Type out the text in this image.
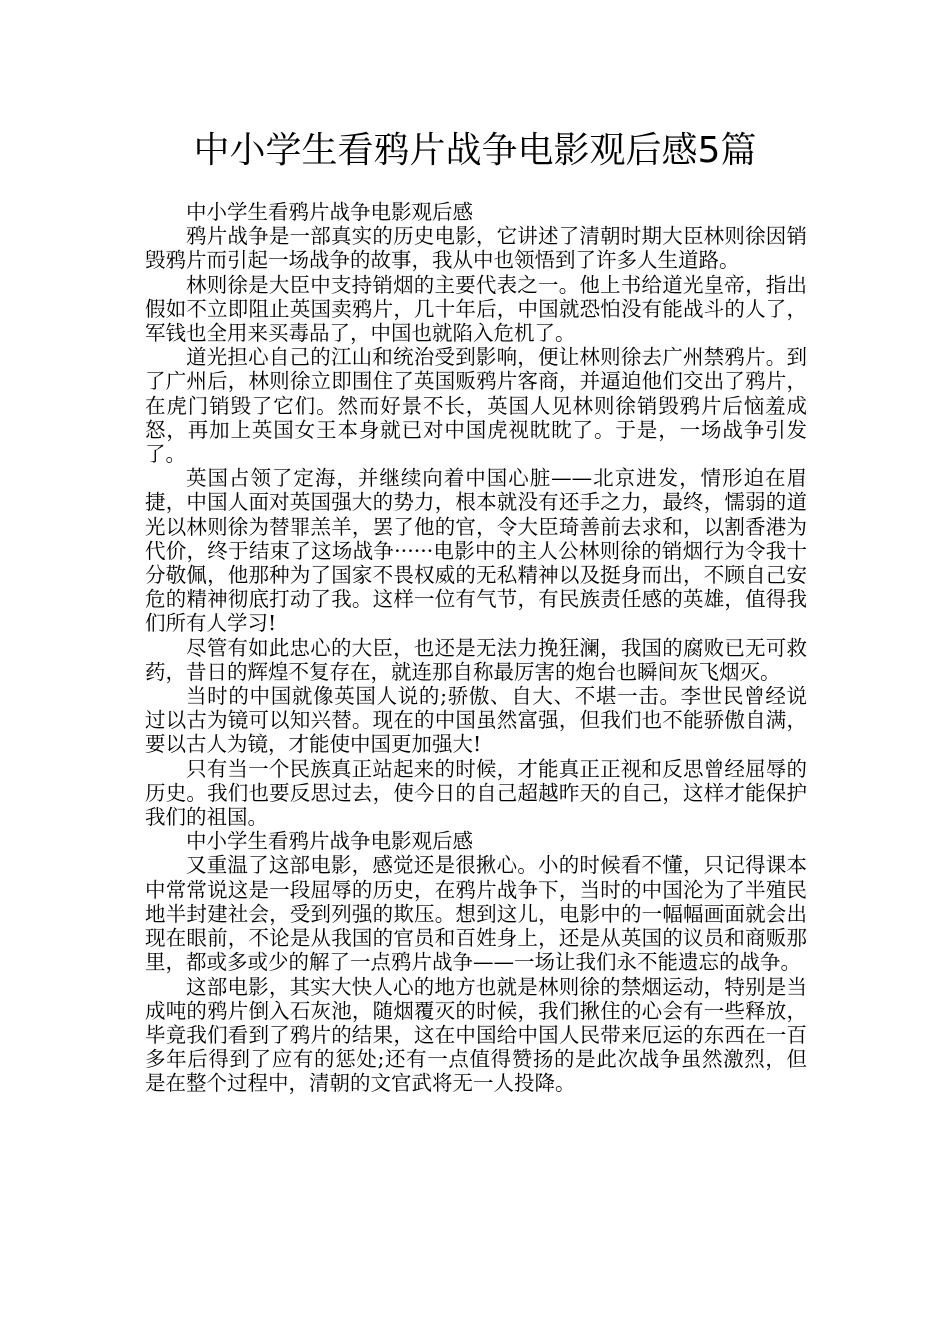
中小学生看鸦片战争电影观后感5篇

中小学生看鸦片战争电影观后感

鸦片战争是一部真实的历史电影，它讲述了清朝时期大臣林则徐因销毁鸦片而引起一场战争的故事，我从中也领悟到了许多人生道路。

林则徐是大臣中支持销烟的主要代表之一。他上书给道光皇帝，指出假如不立即阻止英国卖鸦片，几十年后，中国就恐怕没有能战斗的人了，军钱也全用来买毒品了，中国也就陷入危机了。

道光担心自己的江山和统治受到影响，便让林则徐去广州禁鸦片。到了广州后，林则徐立即围住了英国贩鸦片客商，并逼迫他们交出了鸦片，在虎门销毁了它们。然而好景不长，英国人见林则徐销毁鸦片后恼羞成怒，再加上英国女王本身就已对中国虎视眈眈了。于是，一场战争引发了。

英国占领了定海，并继续向着中国心脏——北京进发，情形迫在眉捷，中国人面对英国强大的势力，根本就没有还手之力，最终，懦弱的道光以林则徐为替罪羔羊，罢了他的官，令大臣琦善前去求和，以割香港为代价，终于结束了这场战争······电影中的主人公林则徐的销烟行为令我十分敬佩，他那种为了国家不畏权威的无私精神以及挺身而出，不顾自己安危的精神彻底打动了我。这样一位有气节，有民族责任感的英雄，值得我们所有人学习!

尽管有如此忠心的大臣，也还是无法力挽狂澜，我国的腐败已无可救药，昔日的辉煌不复存在，就连那自称最厉害的炮台也瞬间灰飞烟灭。

当时的中国就像英国人说的;骄傲、自大、不堪一击。李世民曾经说过以古为镜可以知兴替。现在的中国虽然富强，但我们也不能骄傲自满，要以古人为镜，才能使中国更加强大!

只有当一个民族真正站起来的时候，才能真正正视和反思曾经屈辱的历史。我们也要反思过去，使今日的自己超越昨天的自己，这样才能保护我们的祖国。

中小学生看鸦片战争电影观后感

又重温了这部电影，感觉还是很揪心。小的时候看不懂，只记得课本中常常说这是一段屈辱的历史，在鸦片战争下，当时的中国沦为了半殖民地半封建社会，受到列强的欺压。想到这儿，电影中的一幅幅画面就会出现在眼前，不论是从我国的官员和百姓身上，还是从英国的议员和商贩那里，都或多或少的解了一点鸦片战争——一场让我们永不能遗忘的战争。

这部电影，其实大快人心的地方也就是林则徐的禁烟运动，特别是当成吨的鸦片倒入石灰池，随烟覆灭的时候，我们揪住的心会有一些释放，毕竟我们看到了鸦片的结果，这在中国给中国人民带来厄运的东西在一百多年后得到了应有的惩处;还有一点值得赞扬的是此次战争虽然激烈，但是在整个过程中，清朝的文官武将无一人投降。
